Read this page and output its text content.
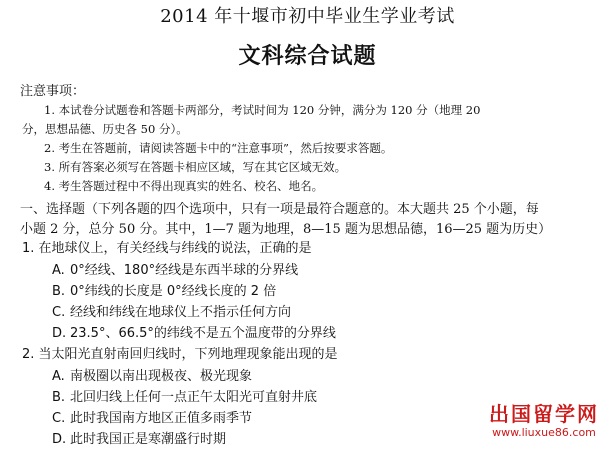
2014 年十堰市初中毕业生学业考试
文科综合试题
注意事项：

1. 本试卷分试题卷和答题卡两部分，考试时间为 120 分钟，满分为 120 分（地理 20

分，思想品德、历史各 50 分）。

2. 考生在答题前，请阅读答题卡中的“注意事项”，然后按要求答题。

3. 所有答案必须写在答题卡相应区域，写在其它区域无效。

4. 考生答题过程中不得出现真实的姓名、校名、地名。

一、选择题（下列各题的四个选项中，只有一项是最符合题意的。本大题共 25 个小题，每
小题 2 分，总分 50 分。其中，1—7 题为地理，8—15 题为思想品德，16—25 题为历史）
1. 在地球仪上，有关经线与纬线的说法，正确的是
A. 0°经线、180°经线是东西半球的分界线
B. 0°纬线的长度是 0°经线长度的 2 倍
C. 经线和纬线在地球仪上不指示任何方向
D. 23.5°、66.5°的纬线不是五个温度带的分界线
2. 当太阳光直射南回归线时，下列地理现象能出现的是
A. 南极圈以南出现极夜、极光现象
B. 北回归线上任何一点正午太阳光可直射井底
C. 此时我国南方地区正值多雨季节
D. 此时我国正是寒潮盛行时期
出国留学网
www.liuxue86.com
